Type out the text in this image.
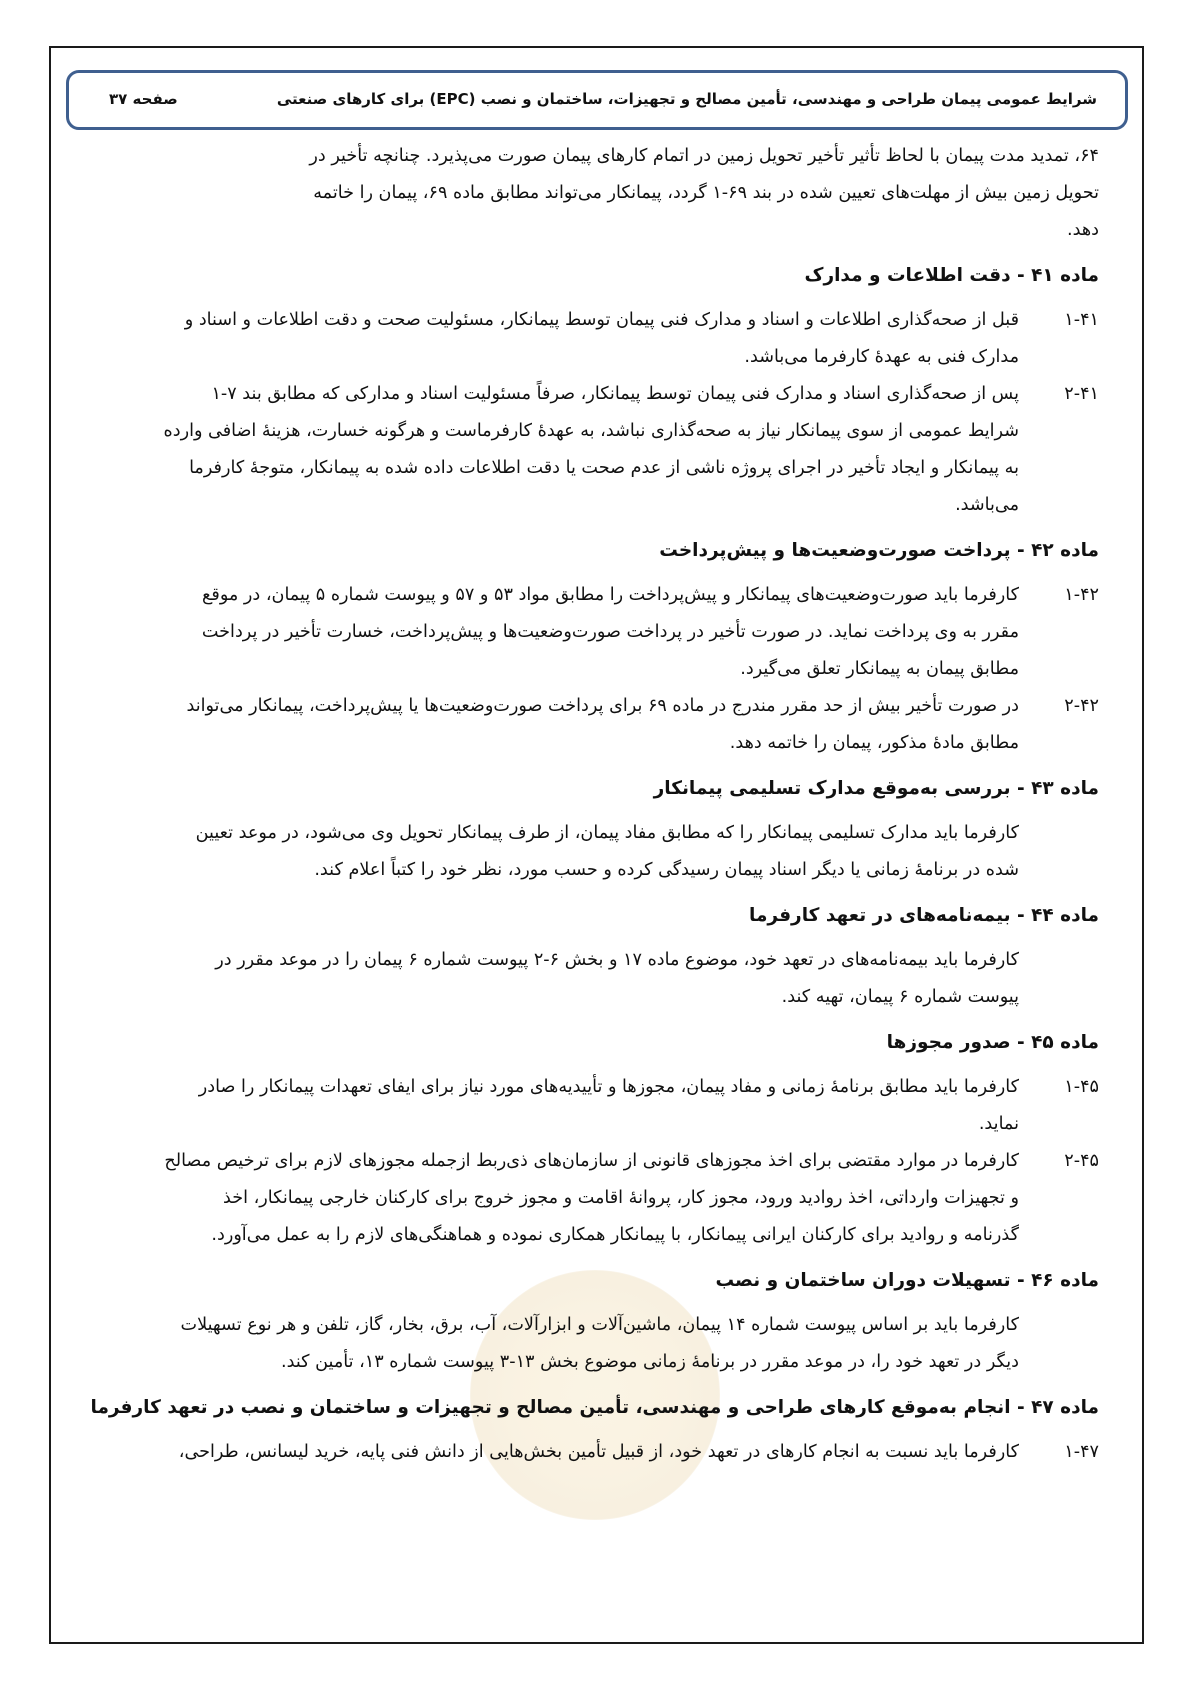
شرایط عمومی پیمان طراحی و مهندسی، تأمین مصالح و تجهیزات، ساختمان و نصب (EPC) برای کارهای صنعتی
صفحه ۳۷

۶۴، تمدید مدت پیمان با لحاظ تأثیر تأخیر تحویل زمین در اتمام کارهای پیمان صورت می‌پذیرد. چنانچه تأخیر در

تحویل زمین بیش از مهلت‌های تعیین شده در بند ۶۹-۱ گردد، پیمانکار می‌تواند مطابق ماده ۶۹، پیمان را خاتمه

دهد.

ماده ۴۱ - دقت اطلاعات و مدارک
۱-۴۱

قبل از صحه‌گذاری اطلاعات و اسناد و مدارک فنی پیمان توسط پیمانکار، مسئولیت صحت و دقت اطلاعات و اسناد و

مدارک فنی به عهدهٔ کارفرما می‌باشد.

۲-۴۱

پس از صحه‌گذاری اسناد و مدارک فنی پیمان توسط پیمانکار، صرفاً مسئولیت اسناد و مدارکی که مطابق بند ۷-۱

شرایط عمومی از سوی پیمانکار نیاز به صحه‌گذاری نباشد، به عهدهٔ کارفرماست و هرگونه خسارت، هزینهٔ اضافی وارده

به پیمانکار و ایجاد تأخیر در اجرای پروژه ناشی از عدم صحت یا دقت اطلاعات داده شده به پیمانکار، متوجهٔ کارفرما

می‌باشد.

ماده ۴۲ - پرداخت صورت‌وضعیت‌ها و پیش‌پرداخت
۱-۴۲

کارفرما باید صورت‌وضعیت‌های پیمانکار و پیش‌پرداخت را مطابق مواد ۵۳ و ۵۷ و پیوست شماره ۵ پیمان، در موقع

مقرر به وی پرداخت نماید. در صورت تأخیر در پرداخت صورت‌وضعیت‌ها و پیش‌پرداخت، خسارت تأخیر در پرداخت

مطابق پیمان به پیمانکار تعلق می‌گیرد.

۲-۴۲

در صورت تأخیر بیش از حد مقرر مندرج در ماده ۶۹ برای پرداخت صورت‌وضعیت‌ها یا پیش‌پرداخت، پیمانکار می‌تواند

مطابق مادهٔ مذکور، پیمان را خاتمه دهد.

ماده ۴۳ - بررسی به‌موقع مدارک تسلیمی پیمانکار

کارفرما باید مدارک تسلیمی پیمانکار را که مطابق مفاد پیمان، از طرف پیمانکار تحویل وی می‌شود، در موعد تعیین

شده در برنامهٔ زمانی یا دیگر اسناد پیمان رسیدگی کرده و حسب مورد، نظر خود را کتباً اعلام کند.

ماده ۴۴ - بیمه‌نامه‌های در تعهد کارفرما

کارفرما باید بیمه‌نامه‌های در تعهد خود، موضوع ماده ۱۷ و بخش ۶-۲ پیوست شماره ۶ پیمان را در موعد مقرر در

پیوست شماره ۶ پیمان، تهیه کند.

ماده ۴۵ - صدور مجوزها
۱-۴۵

کارفرما باید مطابق برنامهٔ زمانی و مفاد پیمان، مجوزها و تأییدیه‌های مورد نیاز برای ایفای تعهدات پیمانکار را صادر

نماید.

۲-۴۵

کارفرما در موارد مقتضی برای اخذ مجوزهای قانونی از سازمان‌های ذی‌ربط ازجمله مجوزهای لازم برای ترخیص مصالح

و تجهیزات وارداتی، اخذ روادید ورود، مجوز کار، پروانهٔ اقامت و مجوز خروج برای کارکنان خارجی پیمانکار، اخذ

گذرنامه و روادید برای کارکنان ایرانی پیمانکار، با پیمانکار همکاری نموده و هماهنگی‌های لازم را به عمل می‌آورد.

ماده ۴۶ - تسهیلات دوران ساختمان و نصب

کارفرما باید بر اساس پیوست شماره ۱۴ پیمان، ماشین‌آلات و ابزارآلات، آب، برق، بخار، گاز، تلفن و هر نوع تسهیلات

دیگر در تعهد خود را، در موعد مقرر در برنامهٔ زمانی موضوع بخش ۱۳-۳ پیوست شماره ۱۳، تأمین کند.

ماده ۴۷ - انجام به‌موقع کارهای طراحی و مهندسی، تأمین مصالح و تجهیزات و ساختمان و نصب در تعهد کارفرما
۱-۴۷

کارفرما باید نسبت به انجام کارهای در تعهد خود، از قبیل تأمین بخش‌هایی از دانش فنی پایه، خرید لیسانس، طراحی،
